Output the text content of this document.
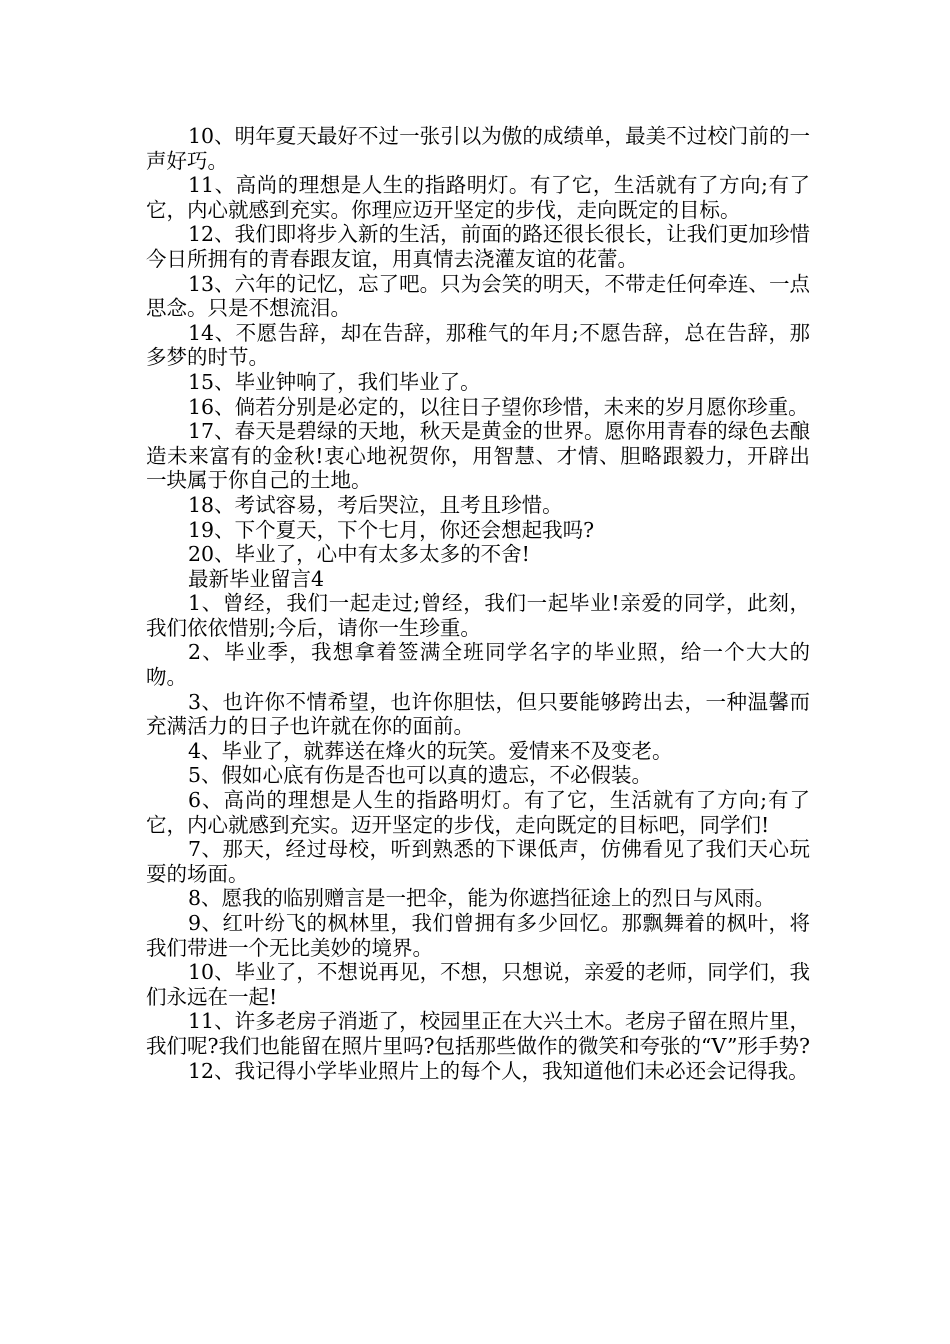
10、明年夏天最好不过一张引以为傲的成绩单，最美不过校门前的一声好巧。

11、高尚的理想是人生的指路明灯。有了它，生活就有了方向;有了它，内心就感到充实。你理应迈开坚定的步伐，走向既定的目标。

12、我们即将步入新的生活，前面的路还很长很长，让我们更加珍惜今日所拥有的青春跟友谊，用真情去浇灌友谊的花蕾。

13、六年的记忆，忘了吧。只为会笑的明天，不带走任何牵连、一点思念。只是不想流泪。

14、不愿告辞，却在告辞，那稚气的年月;不愿告辞，总在告辞，那多梦的时节。

15、毕业钟响了，我们毕业了。

16、倘若分别是必定的，以往日子望你珍惜，未来的岁月愿你珍重。

17、春天是碧绿的天地，秋天是黄金的世界。愿你用青春的绿色去酿造未来富有的金秋!衷心地祝贺你，用智慧、才情、胆略跟毅力，开辟出一块属于你自己的土地。

18、考试容易，考后哭泣，且考且珍惜。

19、下个夏天，下个七月，你还会想起我吗?

20、毕业了，心中有太多太多的不舍!

最新毕业留言4

1、曾经，我们一起走过;曾经，我们一起毕业!亲爱的同学，此刻，我们依依惜别;今后，请你一生珍重。

2、毕业季，我想拿着签满全班同学名字的毕业照，给一个大大的吻。

3、也许你不情希望，也许你胆怯，但只要能够跨出去，一种温馨而充满活力的日子也许就在你的面前。

4、毕业了，就葬送在烽火的玩笑。爱情来不及变老。

5、假如心底有伤是否也可以真的遗忘，不必假装。

6、高尚的理想是人生的指路明灯。有了它，生活就有了方向;有了它，内心就感到充实。迈开坚定的步伐，走向既定的目标吧，同学们!

7、那天，经过母校，听到熟悉的下课低声，仿佛看见了我们天心玩耍的场面。

8、愿我的临别赠言是一把伞，能为你遮挡征途上的烈日与风雨。

9、红叶纷飞的枫林里，我们曾拥有多少回忆。那飘舞着的枫叶，将我们带进一个无比美妙的境界。

10、毕业了，不想说再见，不想，只想说，亲爱的老师，同学们，我们永远在一起!

11、许多老房子消逝了，校园里正在大兴土木。老房子留在照片里，我们呢?我们也能留在照片里吗?包括那些做作的微笑和夸张的“V”形手势?

12、我记得小学毕业照片上的每个人，我知道他们未必还会记得我。
